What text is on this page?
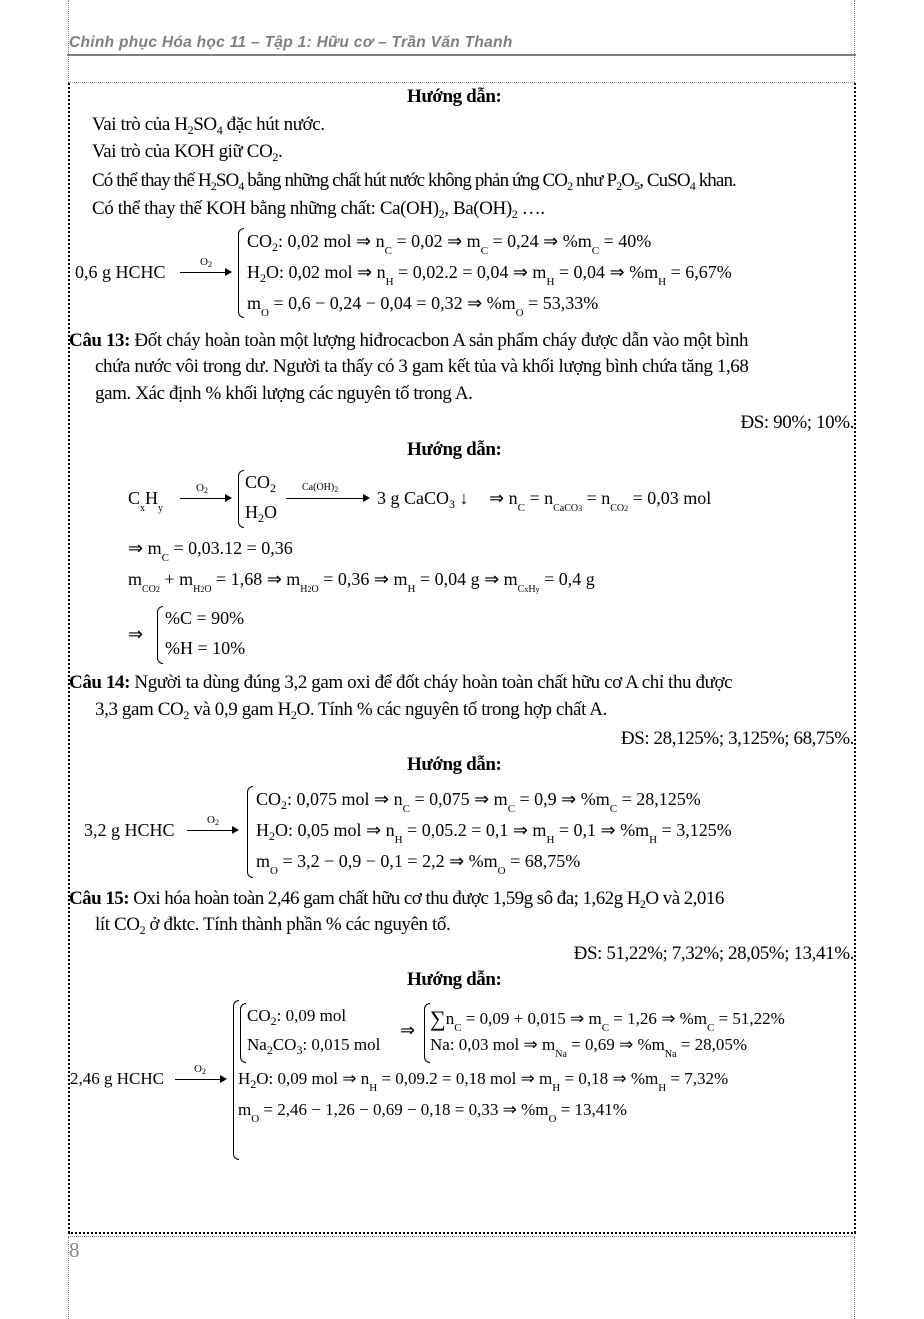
Chinh phục Hóa học 11 – Tập 1: Hữu cơ – Trần Văn Thanh
Hướng dẫn:
Vai trò của $H_2SO_4$ đặc hút nước.
Vai trò của KOH giữ $CO_2$.
Có thể thay thế $H_2SO_4$ bằng những chất hút nước không phản ứng $CO_2$ như $P_2O_5$, CuSO$_4$ khan.
Có thể thay thế KOH bằng những chất: $Ca(OH)_2$, $Ba(OH)_2$ ….
0,6 g HCHC →
$O_2$
$CO_2$: 0,02 mol ⇒ $n_C = 0,02$ ⇒ $m_C = 0,24$ ⇒ $\%m_C = 40\%$
$H_2O$: 0,02 mol ⇒ $n_H = 0,02.2 = 0,04$ ⇒ $m_H = 0,04$ ⇒ $\%m_H = 6,67\%$
$m_O = 0,6 - 0,24 - 0,04 = 0,32$ ⇒ $\%m_O = 53,33\%$
Câu 13: Đốt cháy hoàn toàn một lượng hiđrocacbon A sản phẩm cháy được dẫn vào một bình
chứa nước vôi trong dư. Người ta thấy có 3 gam kết tủa và khối lượng bình chứa tăng 1,68
gam. Xác định % khối lượng các nguyên tố trong A.
ĐS: 90%; 10%.
Hướng dẫn:
$C_xH_y$
$O_2$ $CO_2$
$H_2O$
$Ca(OH)_2$ 3 g CaCO$_3$ ↓ ⇒ $n_C = n_{CaCO3} = n_{CO2} = 0,03$ mol
⇒ $m_C = 0,03.12 = 0,36$
$m_{CO2} + m_{H2O} = 1,68$ ⇒ $m_{H2O} = 0,36$ ⇒ $m_H = 0,04$ g ⇒ $m_{CxHy} = 0,4$ g
⇒
%C = 90%
%H = 10%
Câu 14: Người ta dùng đúng 3,2 gam oxi để đốt cháy hoàn toàn chất hữu cơ A chỉ thu được
3,3 gam $CO_2$ và 0,9 gam $H_2O$. Tính % các nguyên tố trong hợp chất A.
ĐS: 28,125%; 3,125%; 68,75%.
Hướng dẫn:
3,2 g HCHC →
$O_2$
$CO_2$: 0,075 mol ⇒ $n_C = 0,075$ ⇒ $m_C = 0,9$ ⇒ $\%m_C = 28,125\%$
$H_2O$: 0,05 mol ⇒ $n_H = 0,05.2 = 0,1$ ⇒ $m_H = 0,1$ ⇒ $\%m_H = 3,125\%$
$m_O = 3,2 - 0,9 - 0,1 = 2,2$ ⇒ $\%m_O = 68,75\%$
Câu 15: Oxi hóa hoàn toàn 2,46 gam chất hữu cơ thu được 1,59g sô đa; 1,62g $H_2O$ và 2,016
lít $CO_2$ ở đktc. Tính thành phần % các nguyên tố.
ĐS: 51,22%; 7,32%; 28,05%; 13,41%.
Hướng dẫn:
2,46 g HCHC →
$O_2$
$CO_2$: 0,09 mol
$Na_2CO_3$: 0,015 mol
⇒ $\sum n_C = 0,09 + 0,015$ ⇒ $m_C = 1,26$ ⇒ $\%m_C = 51,22\%$
Na: 0,03 mol ⇒ $m_{Na} = 0,69$ ⇒ $\%m_{Na} = 28,05\%$
$H_2O$: 0,09 mol ⇒ $n_H = 0,09.2 = 0,18$ mol ⇒ $m_H = 0,18$ ⇒ $\%m_H = 7,32\%$
$m_O = 2,46 - 1,26 - 0,69 - 0,18 = 0,33$ ⇒ $\%m_O = 13,41\%$
8
